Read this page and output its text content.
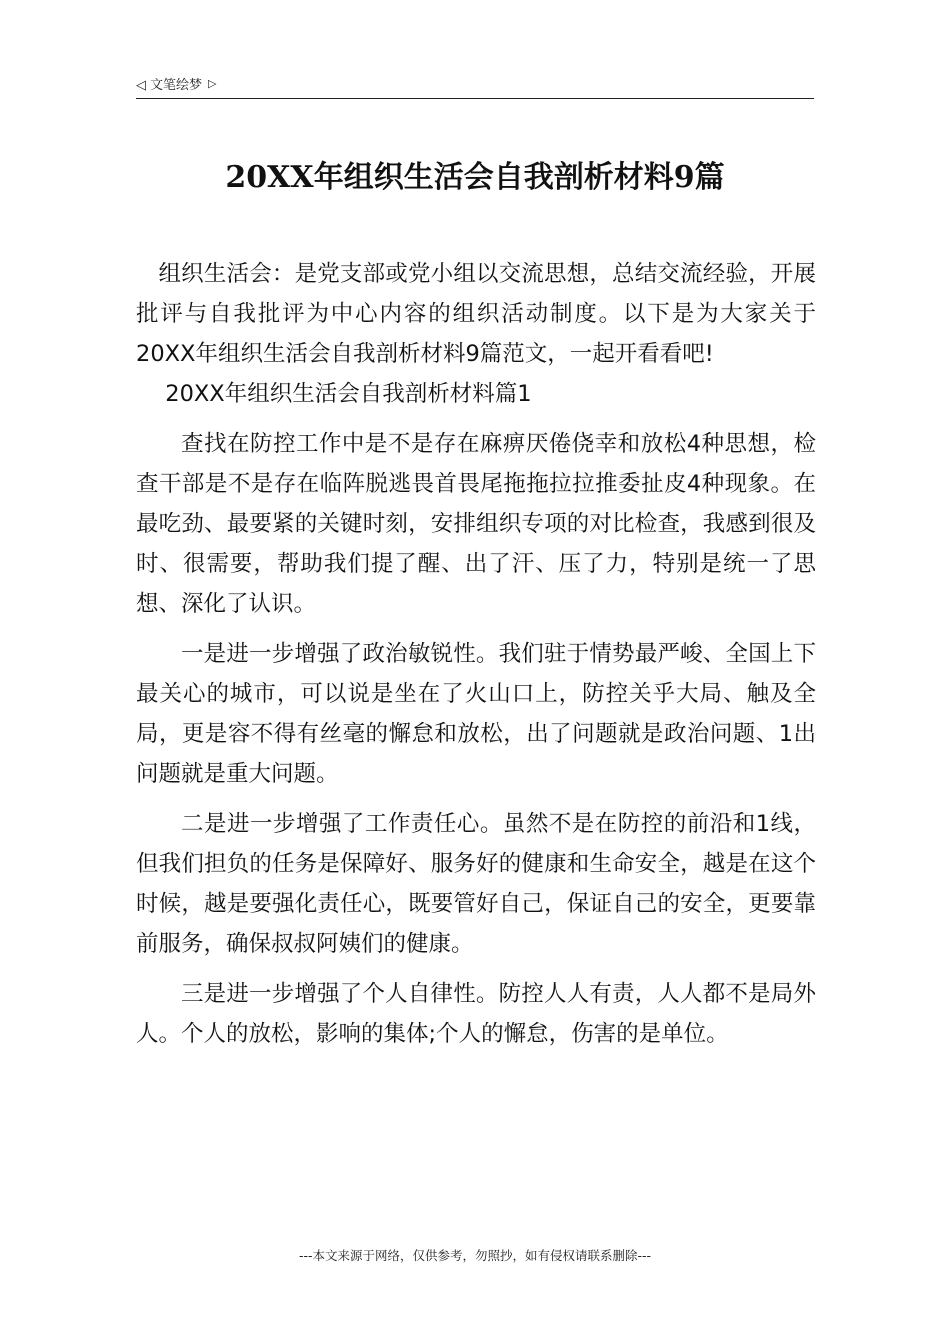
◁ 文笔绘梦 ▷
20XX年组织生活会自我剖析材料9篇

组织生活会：是党支部或党小组以交流思想，总结交流经验，开展批评与自我批评为中心内容的组织活动制度。以下是为大家关于20XX年组织生活会自我剖析材料9篇范文，一起开看看吧!

20XX年组织生活会自我剖析材料篇1

查找在防控工作中是不是存在麻痹厌倦侥幸和放松4种思想，检查干部是不是存在临阵脱逃畏首畏尾拖拖拉拉推委扯皮4种现象。在最吃劲、最要紧的关键时刻，安排组织专项的对比检查，我感到很及时、很需要，帮助我们提了醒、出了汗、压了力，特别是统一了思想、深化了认识。

一是进一步增强了政治敏锐性。我们驻于情势最严峻、全国上下最关心的城市，可以说是坐在了火山口上，防控关乎大局、触及全局，更是容不得有丝毫的懈怠和放松，出了问题就是政治问题、1出问题就是重大问题。

二是进一步增强了工作责任心。虽然不是在防控的前沿和1线，但我们担负的任务是保障好、服务好的健康和生命安全，越是在这个时候，越是要强化责任心，既要管好自己，保证自己的安全，更要靠前服务，确保叔叔阿姨们的健康。

三是进一步增强了个人自律性。防控人人有责，人人都不是局外人。个人的放松，影响的集体;个人的懈怠，伤害的是单位。

---本文来源于网络，仅供参考，勿照抄，如有侵权请联系删除---
